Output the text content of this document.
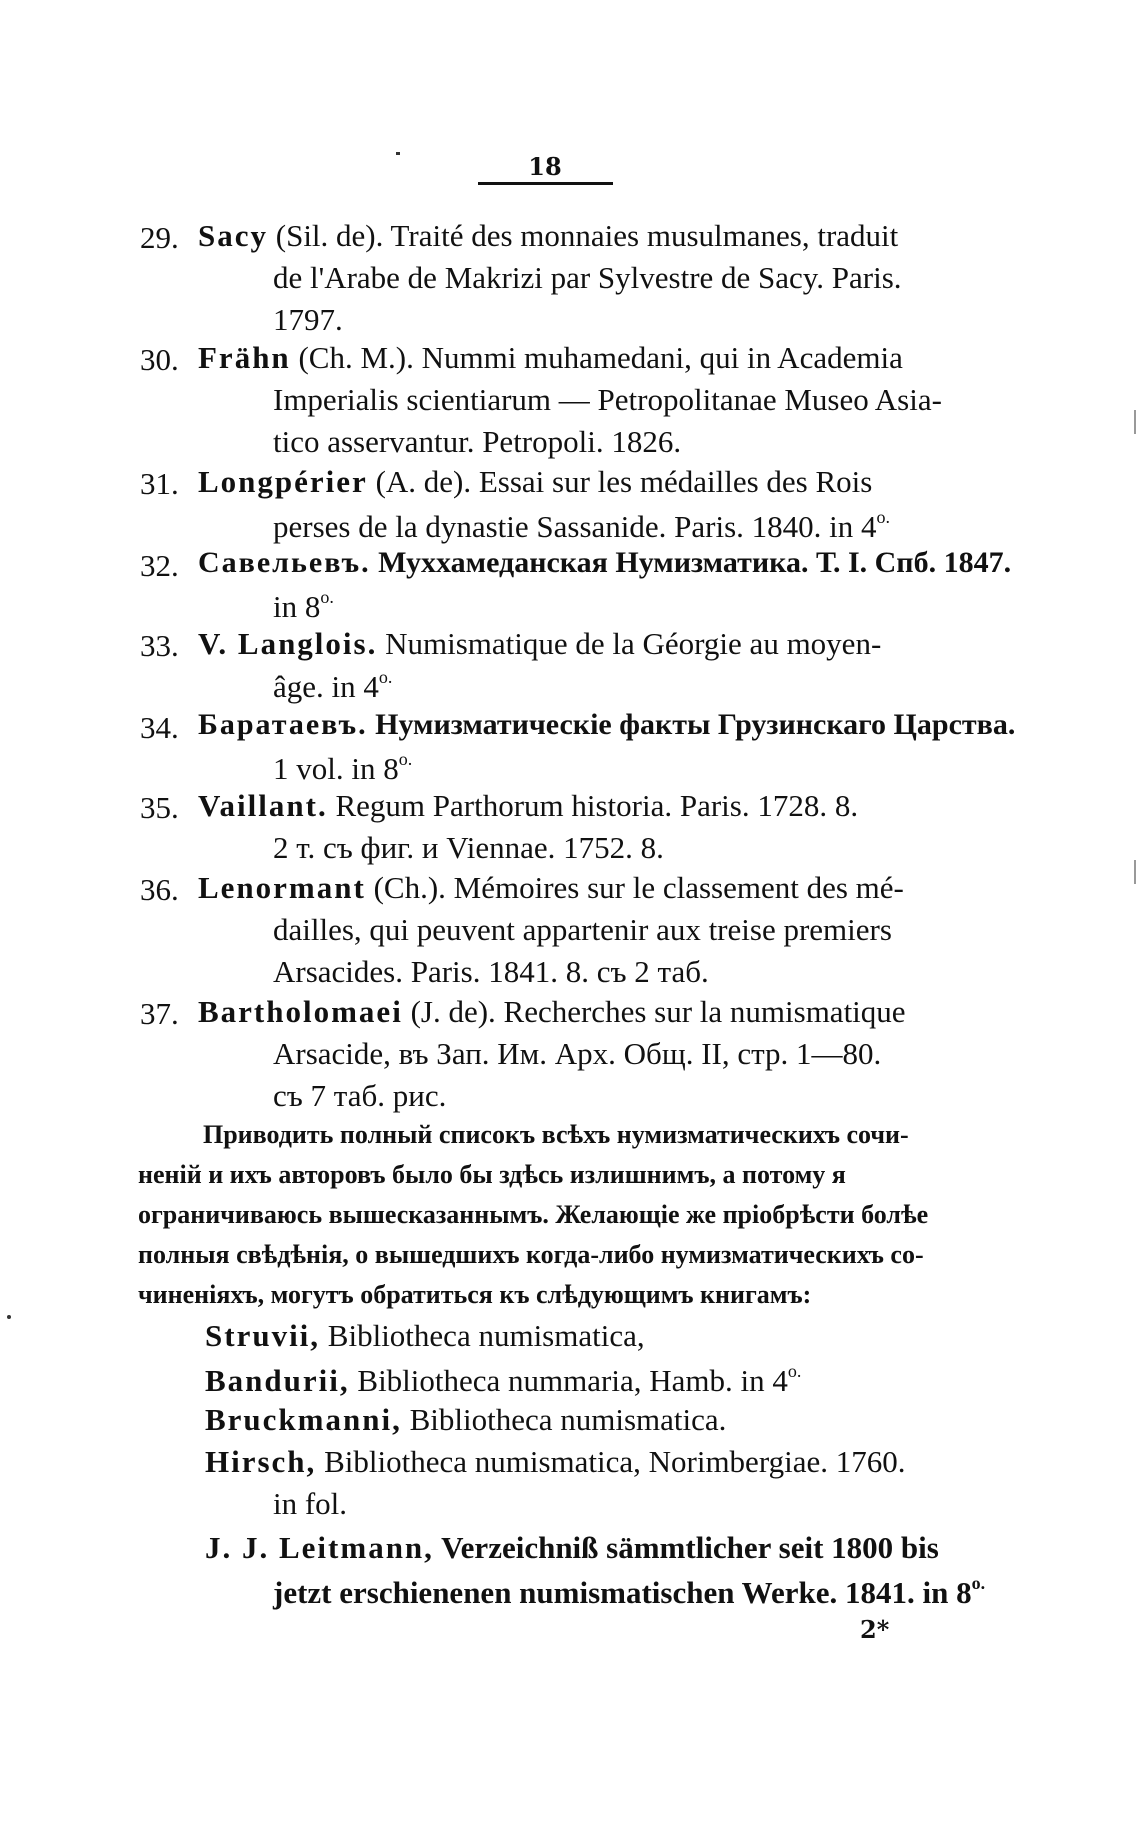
18
29. Sacy (Sil. de). Traité des monnaies musulmanes, traduit
de l'Arabe de Makrizi par Sylvestre de Sacy. Paris.
1797.
30. Frähn (Ch. M.). Nummi muhamedani, qui in Academia
Imperialis scientiarum — Petropolitanae Museo Asia-
tico asservantur. Petropoli. 1826.
31. Longpérier (A. de). Essai sur les médailles des Rois
perses de la dynastie Sassanide. Paris. 1840. in $4^{o.}$
32. Савельевъ. Муххамеданская Нумизматика. Т. I. Спб. 1847.
in $8^{o.}$
33. V. Langlois. Numismatique de la Géorgie au moyen-
âge. in $4^{o.}$
34. Баратаевъ. Нумизматическіе факты Грузинскаго Царства.
1 vol. in $8^{o.}$
35. Vaillant. Regum Parthorum historia. Paris. 1728. 8.
2 т. съ фиг. и Viennae. 1752. 8.
36. Lenormant (Ch.). Mémoires sur le classement des mé-
dailles, qui peuvent appartenir aux treise premiers
Arsacides. Paris. 1841. 8. съ 2 таб.
37. Bartholomaei (J. de). Recherches sur la numismatique
Arsacide, въ Зап. Им. Арх. Общ. II, стр. 1—80.
съ 7 таб. рис.
Приводить полный списокъ всѣхъ нумизматическихъ сочи-
неній и ихъ авторовъ было бы здѣсь излишнимъ, а потому я
ограничиваюсь вышесказаннымъ. Желающіе же пріобрѣсти болѣе
полныя свѣдѣнія, о вышедшихъ когда-либо нумизматическихъ со-
чиненіяхъ, могутъ обратиться къ слѣдующимъ книгамъ:
Struvii, Bibliotheca numismatica,
Bandurii, Bibliotheca nummaria, Hamb. in $4^{o.}$
Bruckmanni, Bibliotheca numismatica.
Hirsch, Bibliotheca numismatica, Norimbergiae. 1760.
in fol.
J. J. Leitmann, Verzeichniß sämmtlicher seit 1800 bis
jetzt erschienenen numismatischen Werke. 1841. in $8^{o.}$
2*
